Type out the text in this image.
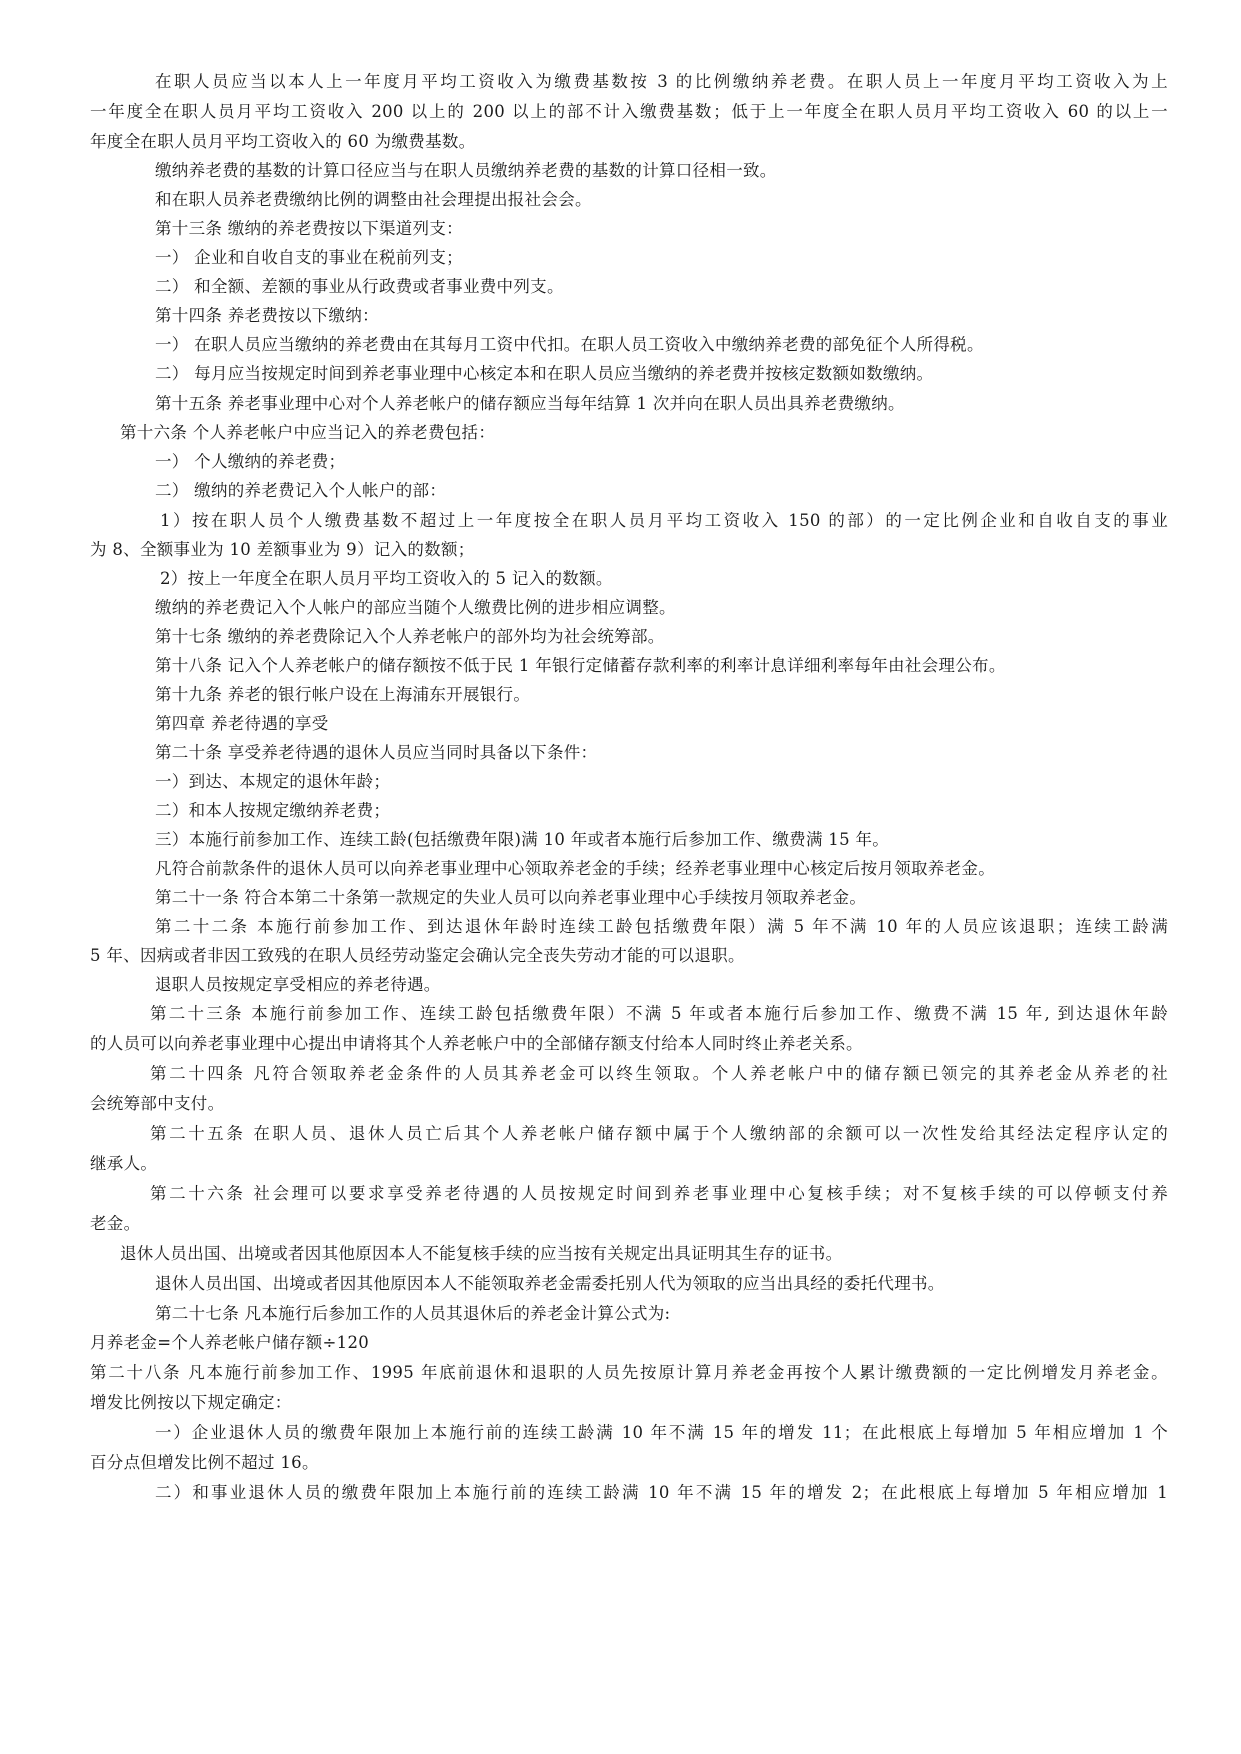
在职人员应当以本人上一年度月平均工资收入为缴费基数按 3 的比例缴纳养老费。在职人员上一年度月平均工资收入为上
一年度全在职人员月平均工资收入 200 以上的 200 以上的部不计入缴费基数；低于上一年度全在职人员月平均工资收入 60 的以上一
年度全在职人员月平均工资收入的 60 为缴费基数。
缴纳养老费的基数的计算口径应当与在职人员缴纳养老费的基数的计算口径相一致。
和在职人员养老费缴纳比例的调整由社会理提出报社会会。
第十三条 缴纳的养老费按以下渠道列支：
一） 企业和自收自支的事业在税前列支；
二） 和全额、差额的事业从行政费或者事业费中列支。
第十四条 养老费按以下缴纳：
一） 在职人员应当缴纳的养老费由在其每月工资中代扣。在职人员工资收入中缴纳养老费的部免征个人所得税。
二） 每月应当按规定时间到养老事业理中心核定本和在职人员应当缴纳的养老费并按核定数额如数缴纳。
第十五条 养老事业理中心对个人养老帐户的储存额应当每年结算 1 次并向在职人员出具养老费缴纳。
第十六条 个人养老帐户中应当记入的养老费包括：
一） 个人缴纳的养老费；
二） 缴纳的养老费记入个人帐户的部：
1）按在职人员个人缴费基数不超过上一年度按全在职人员月平均工资收入 150 的部）的一定比例企业和自收自支的事业
为 8、全额事业为 10 差额事业为 9）记入的数额；
2）按上一年度全在职人员月平均工资收入的 5 记入的数额。
缴纳的养老费记入个人帐户的部应当随个人缴费比例的进步相应调整。
第十七条 缴纳的养老费除记入个人养老帐户的部外均为社会统筹部。
第十八条 记入个人养老帐户的储存额按不低于民 1 年银行定储蓄存款利率的利率计息详细利率每年由社会理公布。
第十九条 养老的银行帐户设在上海浦东开展银行。
第四章 养老待遇的享受
第二十条 享受养老待遇的退休人员应当同时具备以下条件：
一）到达、本规定的退休年龄；
二）和本人按规定缴纳养老费；
三）本施行前参加工作、连续工龄(包括缴费年限)满 10 年或者本施行后参加工作、缴费满 15 年。
凡符合前款条件的退休人员可以向养老事业理中心领取养老金的手续；经养老事业理中心核定后按月领取养老金。
第二十一条 符合本第二十条第一款规定的失业人员可以向养老事业理中心手续按月领取养老金。
第二十二条 本施行前参加工作、到达退休年龄时连续工龄包括缴费年限）满 5 年不满 10 年的人员应该退职；连续工龄满
5 年、因病或者非因工致残的在职人员经劳动鉴定会确认完全丧失劳动才能的可以退职。
退职人员按规定享受相应的养老待遇。
第二十三条 本施行前参加工作、连续工龄包括缴费年限）不满 5 年或者本施行后参加工作、缴费不满 15 年, 到达退休年龄
的人员可以向养老事业理中心提出申请将其个人养老帐户中的全部储存额支付给本人同时终止养老关系。
第二十四条 凡符合领取养老金条件的人员其养老金可以终生领取。个人养老帐户中的储存额已领完的其养老金从养老的社
会统筹部中支付。
第二十五条 在职人员、退休人员亡后其个人养老帐户储存额中属于个人缴纳部的余额可以一次性发给其经法定程序认定的
继承人。
第二十六条 社会理可以要求享受养老待遇的人员按规定时间到养老事业理中心复核手续；对不复核手续的可以停顿支付养
老金。
退休人员出国、出境或者因其他原因本人不能复核手续的应当按有关规定出具证明其生存的证书。
退休人员出国、出境或者因其他原因本人不能领取养老金需委托别人代为领取的应当出具经的委托代理书。
第二十七条 凡本施行后参加工作的人员其退休后的养老金计算公式为:
月养老金=个人养老帐户储存额÷120
第二十八条 凡本施行前参加工作、1995 年底前退休和退职的人员先按原计算月养老金再按个人累计缴费额的一定比例增发月养老金。
增发比例按以下规定确定：
一）企业退休人员的缴费年限加上本施行前的连续工龄满 10 年不满 15 年的增发 11；在此根底上每增加 5 年相应增加 1 个
百分点但增发比例不超过 16。
二）和事业退休人员的缴费年限加上本施行前的连续工龄满 10 年不满 15 年的增发 2；在此根底上每增加 5 年相应增加 1
